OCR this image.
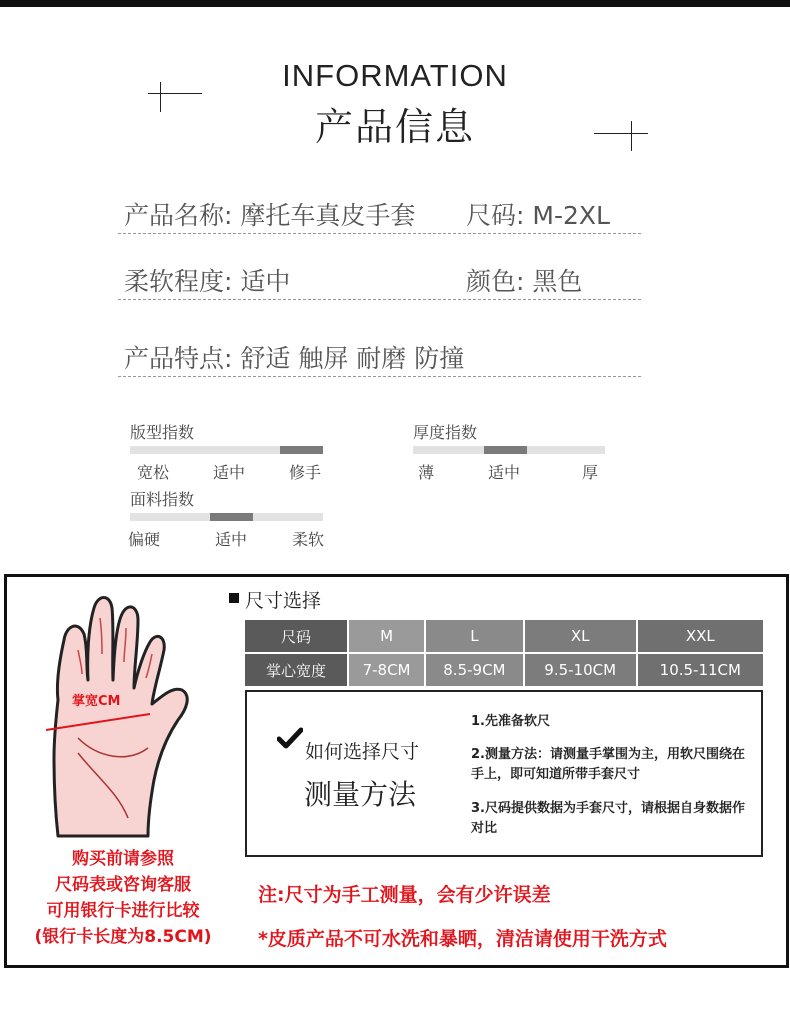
INFORMATION
产品信息
产品名称: 摩托车真皮手套 尺码: M-2XL
柔软程度: 适中	颜色: 黑色
产品特点: 舒适 触屏 耐磨 防撞
版型指数
宽松	适中	修手
面料指数
偏硬	适中	柔软
厚度指数
薄	适中	厚
掌宽CM
尺寸选择
尺码	M	L	XL	XXL
掌心宽度	7-8CM	8.5-9CM	9.5-10CM	10.5-11CM
如何选择尺寸
测量方法
1.先准备软尺
2.测量方法：请测量手掌围为主，用软尺围绕在手上，即可知道所带手套尺寸
3.尺码提供数据为手套尺寸，请根据自身数据作对比
购买前请参照
尺码表或咨询客服
可用银行卡进行比较
(银行卡长度为8.5CM)
注:尺寸为手工测量，会有少许误差
*皮质产品不可水洗和暴晒，清洁请使用干洗方式
